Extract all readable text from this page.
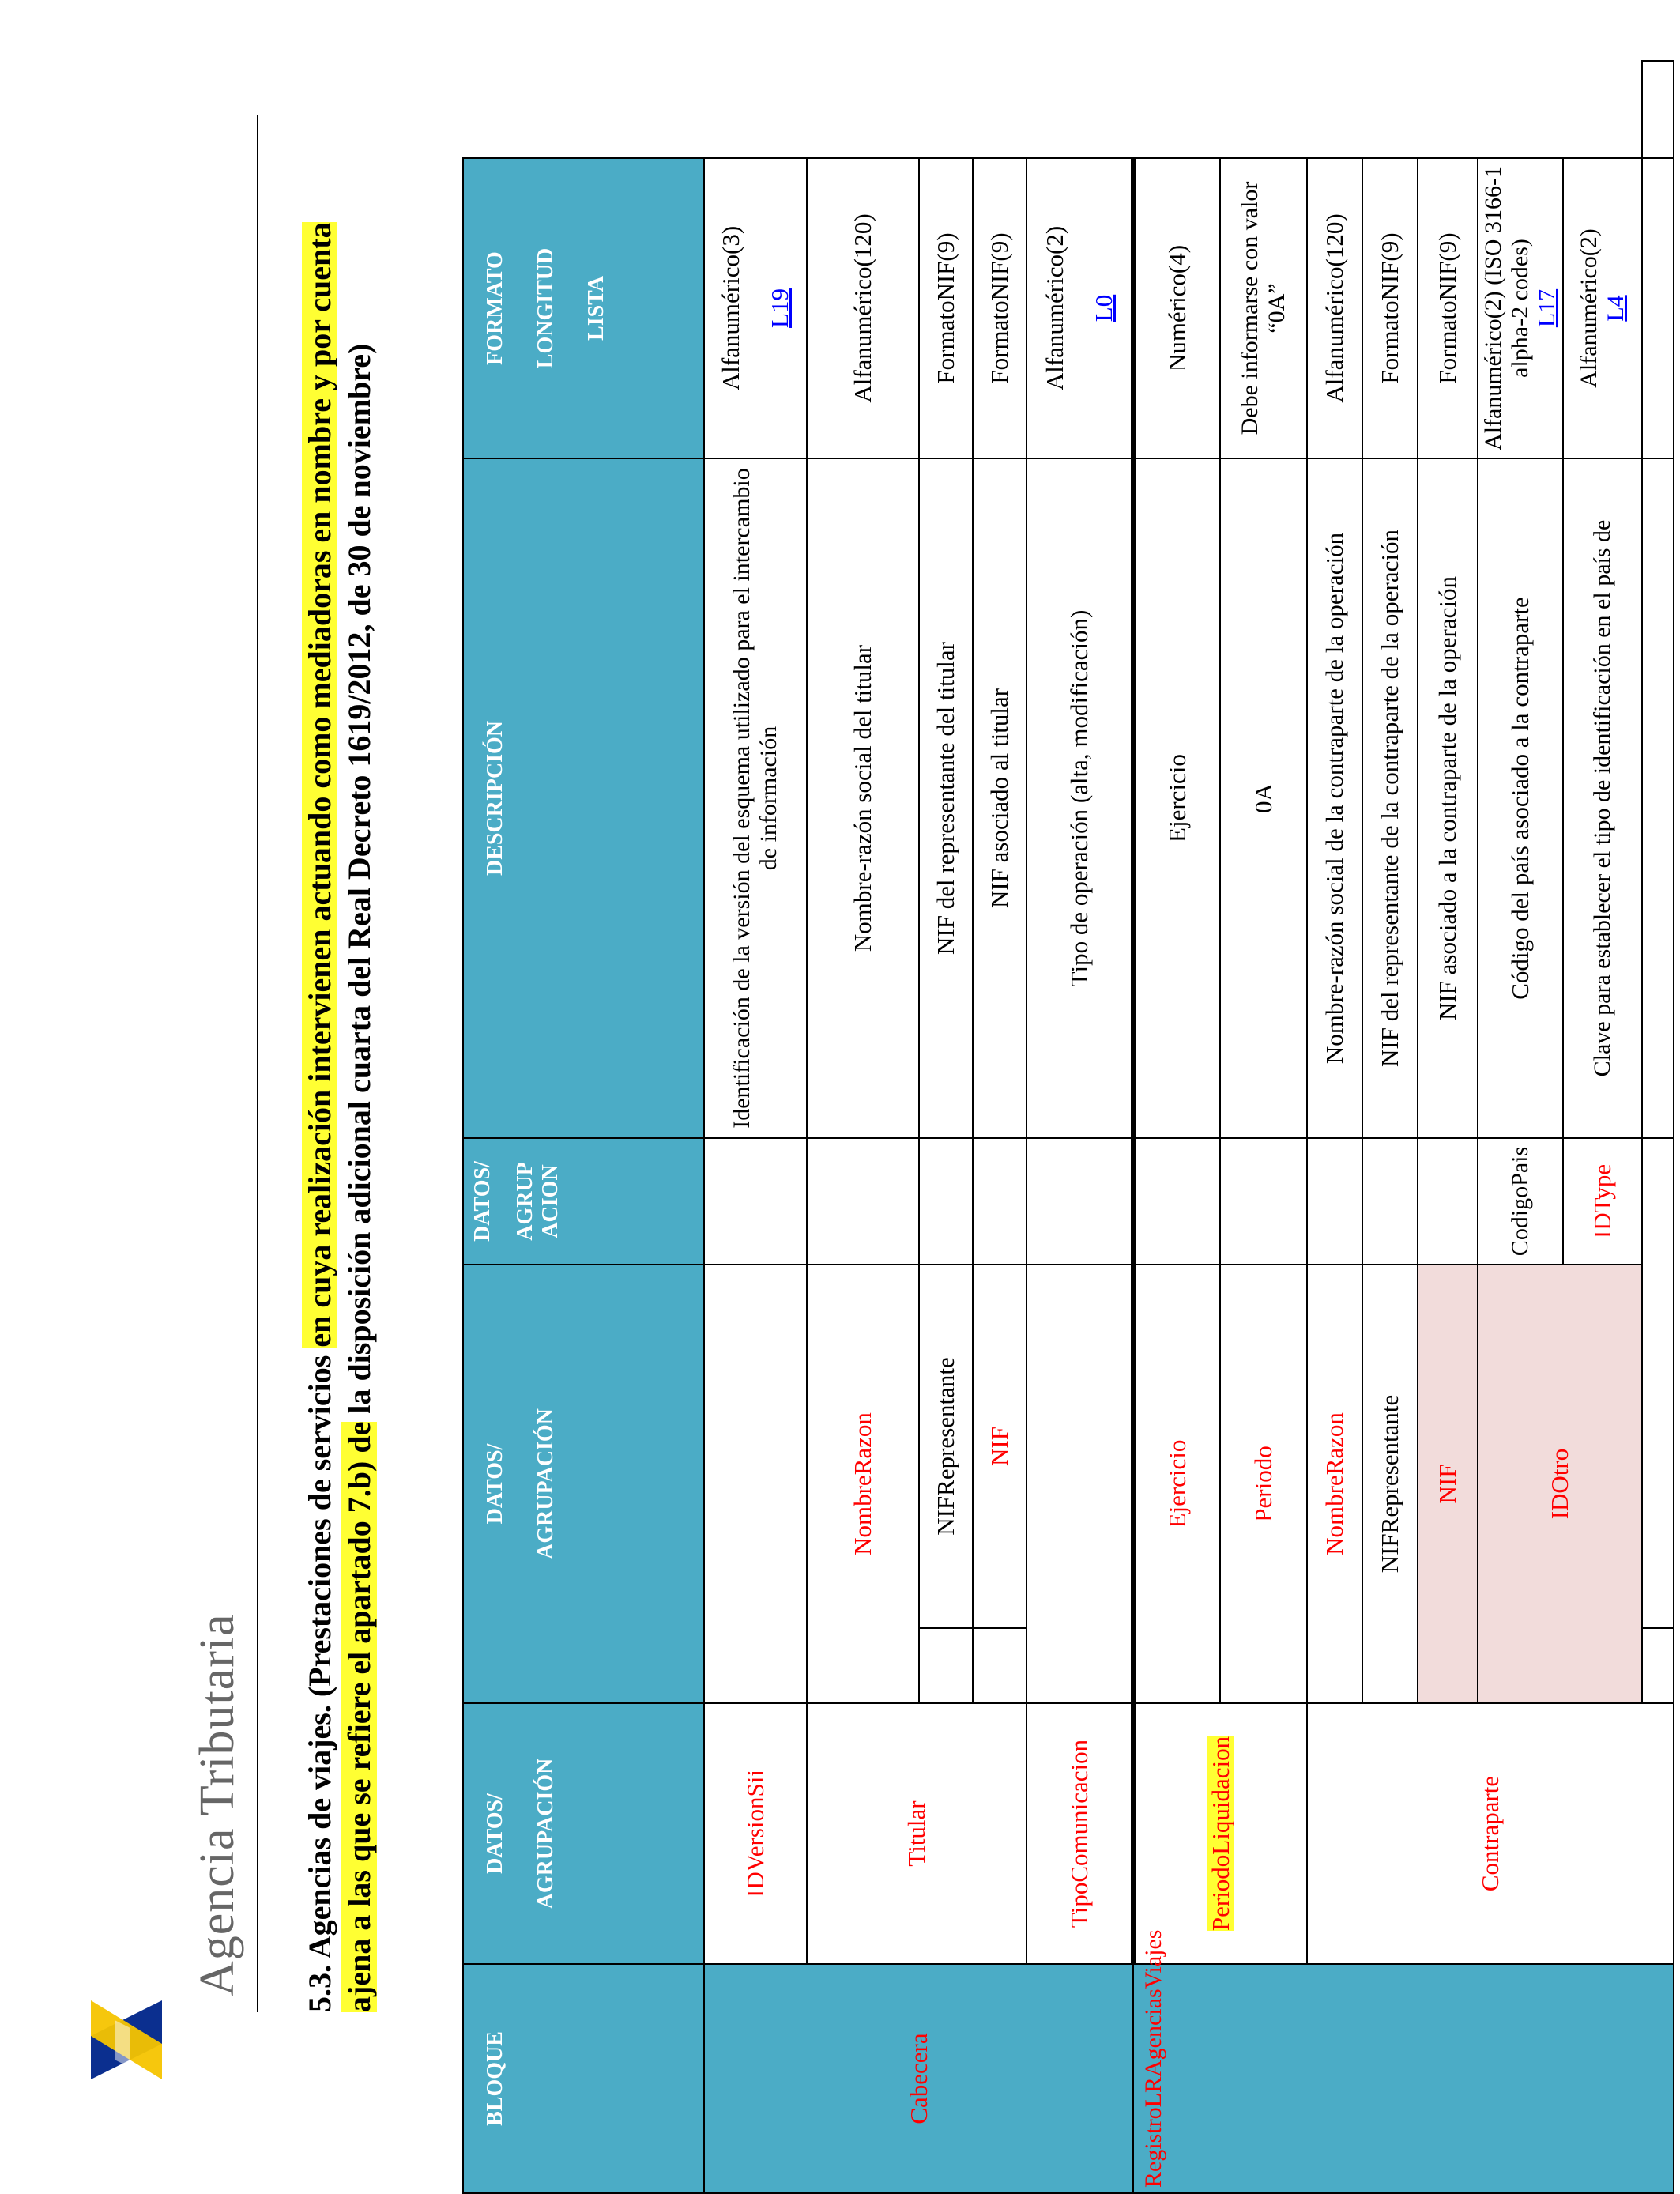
Agencia Tributaria 5.3. Agencias de viajes. (Prestaciones de servicios en cuya realización intervienen actuando como mediadoras en nombre y por cuenta
ajena a las que se refiere el apartado 7.b) de la disposición adicional cuarta del Real Decreto 1619/2012, de 30 de noviembre)
BLOQUE	DATOS/ AGRUPACIÓN	DATOS/ AGRUPACIÓN		DATOS/ AGRUP ACION	DESCRIPCIÓN	FORMATO LONGITUD LISTA	

Cabecera	IDVersionSii				Identificación de la versión del esquema utilizado para el intercambio de información	Alfanumérico(3) L19	

	Titular	NombreRazon			Nombre-razón social del titular	Alfanumérico(120)	
			NIFRepresentante		NIF del representante del titular	FormatoNIF(9)	
			NIF		NIF asociado al titular	FormatoNIF(9)	
	TipoComunicacion				Tipo de operación (alta, modificación)	Alfanumérico(2) L0	

RegistroLRAgenciasViajes	PeriodoLiquidacion	Ejercicio			Ejercicio	Numérico(4)	
		Periodo			0A	Debe informarse con valor “0A”	
	Contraparte	NombreRazon			Nombre-razón social de la contraparte de la operación	Alfanumérico(120)	
		NIFRepresentante			NIF del representante de la contraparte de la operación	FormatoNIF(9)	
		NIF			NIF asociado a la contraparte de la operación	FormatoNIF(9)	
		IDOtro		CodigoPais	Código del país asociado a la contraparte	Alfanumérico(2) (ISO 3166-1 alpha-2 codes) L17	

				IDType	Clave para establecer el tipo de identificación en el país de	Alfanumérico(2) L4	
